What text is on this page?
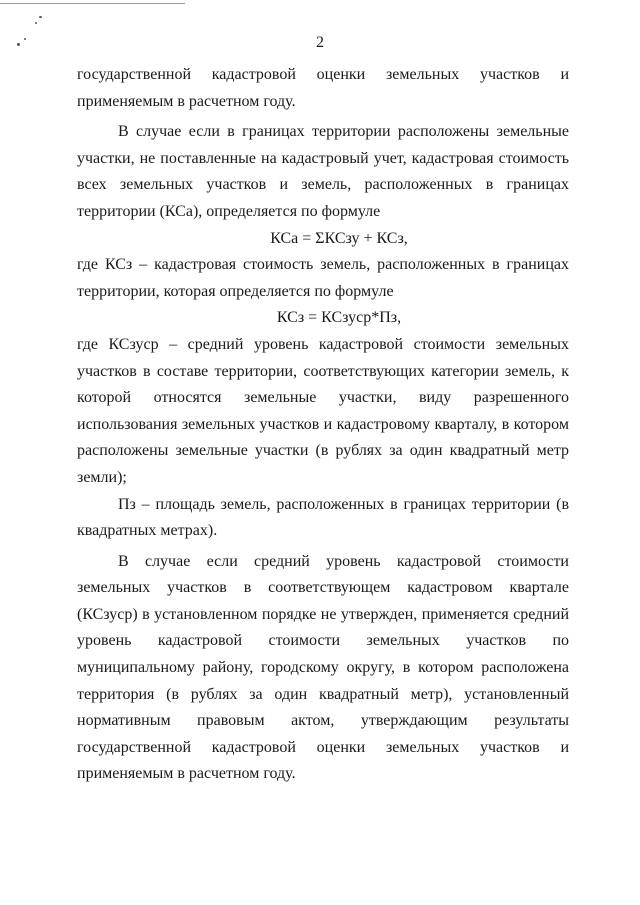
2

государственной кадастровой оценки земельных участков и применяемым в расчетном году.

В случае если в границах территории расположены земельные участки, не поставленные на кадастровый учет, кадастровая стоимость всех земельных участков и земель, расположенных в границах территории (КСа), определяется по формуле

КСа = ΣКСзу + КСз,

где КСз – кадастровая стоимость земель, расположенных в границах территории, которая определяется по формуле

КСз = КСзуср*Пз,

где КСзуср – средний уровень кадастровой стоимости земельных участков в составе территории, соответствующих категории земель, к которой относятся земельные участки, виду разрешенного использования земельных участков и кадастровому кварталу, в котором расположены земельные участки (в рублях за один квадратный метр земли);

Пз – площадь земель, расположенных в границах территории (в квадратных метрах).

В случае если средний уровень кадастровой стоимости земельных участков в соответствующем кадастровом квартале (КСзуср) в установленном порядке не утвержден, применяется средний уровень кадастровой стоимости земельных участков по муниципальному району, городскому округу, в котором расположена территория (в рублях за один квадратный метр), установленный нормативным правовым актом, утверждающим результаты государственной кадастровой оценки земельных участков и применяемым в расчетном году.
